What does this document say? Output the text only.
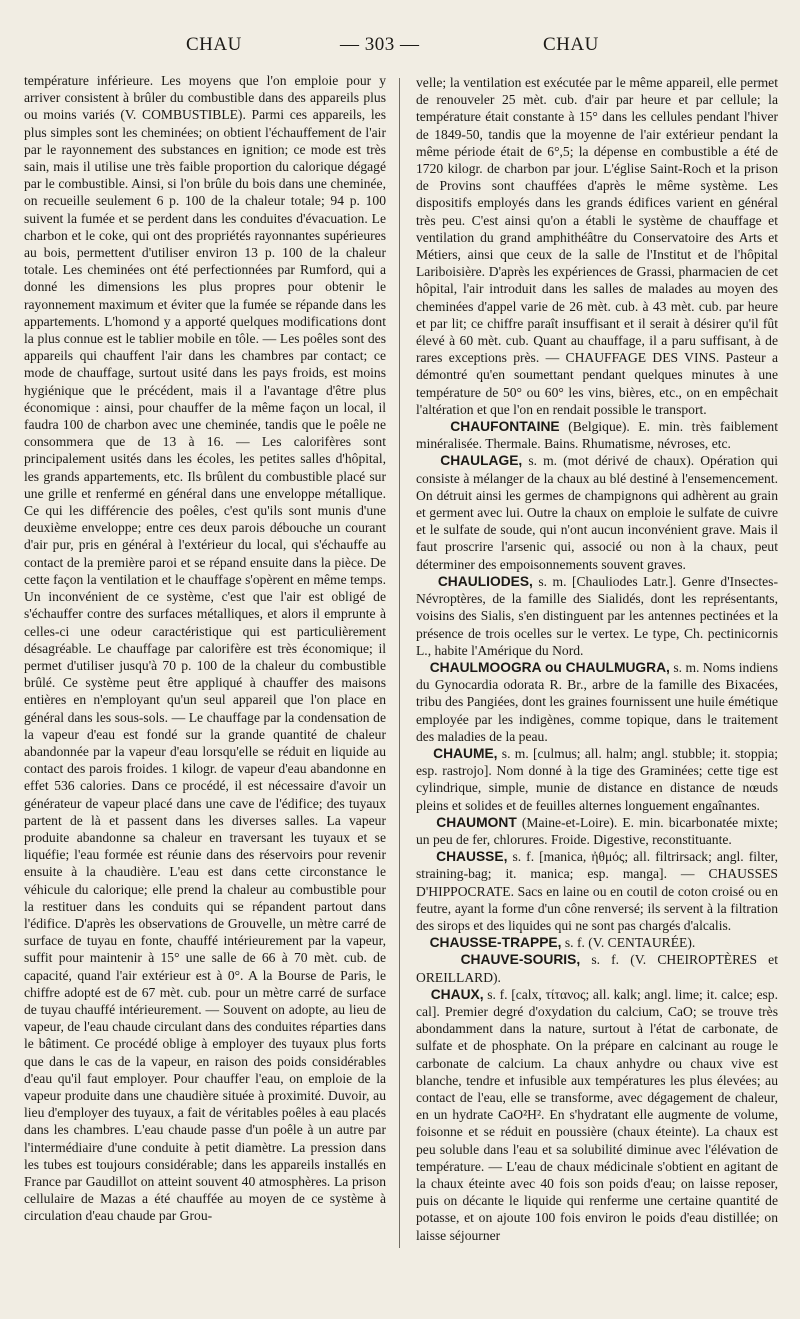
CHAU	— 303 —	CHAU

température inférieure. Les moyens que l'on emploie pour y arriver consistent à brûler du combustible dans des appareils plus ou moins variés (V. COMBUSTIBLE). Parmi ces appareils, les plus simples sont les cheminées; on obtient l'échauffement de l'air par le rayonnement des substances en ignition; ce mode est très sain, mais il utilise une très faible proportion du calorique dégagé par le combustible. Ainsi, si l'on brûle du bois dans une cheminée, on recueille seulement 6 p. 100 de la chaleur totale; 94 p. 100 suivent la fumée et se perdent dans les conduites d'évacuation. Le charbon et le coke, qui ont des propriétés rayonnantes supérieures au bois, permettent d'utiliser environ 13 p. 100 de la chaleur totale. Les cheminées ont été perfectionnées par Rumford, qui a donné les dimensions les plus propres pour obtenir le rayonnement maximum et éviter que la fumée se répande dans les appartements. L'homond y a apporté quelques modifications dont la plus connue est le tablier mobile en tôle. — Les poêles sont des appareils qui chauffent l'air dans les chambres par contact; ce mode de chauffage, surtout usité dans les pays froids, est moins hygiénique que le précédent, mais il a l'avantage d'être plus économique : ainsi, pour chauffer de la même façon un local, il faudra 100 de charbon avec une cheminée, tandis que le poêle ne consommera que de 13 à 16. — Les calorifères sont principalement usités dans les écoles, les petites salles d'hôpital, les grands appartements, etc. Ils brûlent du combustible placé sur une grille et renfermé en général dans une enveloppe métallique. Ce qui les différencie des poêles, c'est qu'ils sont munis d'une deuxième enveloppe; entre ces deux parois débouche un courant d'air pur, pris en général à l'extérieur du local, qui s'échauffe au contact de la première paroi et se répand ensuite dans la pièce. De cette façon la ventilation et le chauffage s'opèrent en même temps. Un inconvénient de ce système, c'est que l'air est obligé de s'échauffer contre des surfaces métalliques, et alors il emprunte à celles-ci une odeur caractéristique qui est particulièrement désagréable. Le chauffage par calorifère est très économique; il permet d'utiliser jusqu'à 70 p. 100 de la chaleur du combustible brûlé. Ce système peut être appliqué à chauffer des maisons entières en n'employant qu'un seul appareil que l'on place en général dans les sous-sols. — Le chauffage par la condensation de la vapeur d'eau est fondé sur la grande quantité de chaleur abandonnée par la vapeur d'eau lorsqu'elle se réduit en liquide au contact des parois froides. 1 kilogr. de vapeur d'eau abandonne en effet 536 calories. Dans ce procédé, il est nécessaire d'avoir un générateur de vapeur placé dans une cave de l'édifice; des tuyaux partent de là et passent dans les diverses salles. La vapeur produite abandonne sa chaleur en traversant les tuyaux et se liquéfie; l'eau formée est réunie dans des réservoirs pour revenir ensuite à la chaudière. L'eau est dans cette circonstance le véhicule du calorique; elle prend la chaleur au combustible pour la restituer dans les conduits qui se répandent partout dans l'édifice. D'après les observations de Grouvelle, un mètre carré de surface de tuyau en fonte, chauffé intérieurement par la vapeur, suffit pour maintenir à 15° une salle de 66 à 70 mèt. cub. de capacité, quand l'air extérieur est à 0°. A la Bourse de Paris, le chiffre adopté est de 67 mèt. cub. pour un mètre carré de surface de tuyau chauffé intérieurement. — Souvent on adopte, au lieu de vapeur, de l'eau chaude circulant dans des conduites réparties dans le bâtiment. Ce procédé oblige à employer des tuyaux plus forts que dans le cas de la vapeur, en raison des poids considérables d'eau qu'il faut employer. Pour chauffer l'eau, on emploie de la vapeur produite dans une chaudière située à proximité. Duvoir, au lieu d'employer des tuyaux, a fait de véritables poêles à eau placés dans les chambres. L'eau chaude passe d'un poêle à un autre par l'intermédiaire d'une conduite à petit diamètre. La pression dans les tubes est toujours considérable; dans les appareils installés en France par Gaudillot on atteint souvent 40 atmosphères. La prison cellulaire de Mazas a été chauffée au moyen de ce système à circulation d'eau chaude par Grou-

velle; la ventilation est exécutée par le même appareil, elle permet de renouveler 25 mèt. cub. d'air par heure et par cellule; la température était constante à 15° dans les cellules pendant l'hiver de 1849-50, tandis que la moyenne de l'air extérieur pendant la même période était de 6°,5; la dépense en combustible a été de 1720 kilogr. de charbon par jour. L'église Saint-Roch et la prison de Provins sont chauffées d'après le même système. Les dispositifs employés dans les grands édifices varient en général très peu. C'est ainsi qu'on a établi le système de chauffage et ventilation du grand amphithéâtre du Conservatoire des Arts et Métiers, ainsi que ceux de la salle de l'Institut et de l'hôpital Lariboisière. D'après les expériences de Grassi, pharmacien de cet hôpital, l'air introduit dans les salles de malades au moyen des cheminées d'appel varie de 26 mèt. cub. à 43 mèt. cub. par heure et par lit; ce chiffre paraît insuffisant et il serait à désirer qu'il fût élevé à 60 mèt. cub. Quant au chauffage, il a paru suffisant, à de rares exceptions près. — CHAUFFAGE DES VINS. Pasteur a démontré qu'en soumettant pendant quelques minutes à une température de 50° ou 60° les vins, bières, etc., on en empêchait l'altération et que l'on en rendait possible le transport.

CHAUFONTAINE (Belgique). E. min. très faiblement minéralisée. Thermale. Bains. Rhumatisme, névroses, etc.

CHAULAGE, s. m. (mot dérivé de chaux). Opération qui consiste à mélanger de la chaux au blé destiné à l'ensemencement. On détruit ainsi les germes de champignons qui adhèrent au grain et germent avec lui. Outre la chaux on emploie le sulfate de cuivre et le sulfate de soude, qui n'ont aucun inconvénient grave. Mais il faut proscrire l'arsenic qui, associé ou non à la chaux, peut déterminer des empoisonnements souvent graves.

CHAULIODES, s. m. [Chauliodes Latr.]. Genre d'Insectes-Névroptères, de la famille des Sialidés, dont les représentants, voisins des Sialis, s'en distinguent par les antennes pectinées et la présence de trois ocelles sur le vertex. Le type, Ch. pectinicornis L., habite l'Amérique du Nord.

CHAULMOOGRA ou CHAULMUGRA, s. m. Noms indiens du Gynocardia odorata R. Br., arbre de la famille des Bixacées, tribu des Pangiées, dont les graines fournissent une huile émétique employée par les indigènes, comme topique, dans le traitement des maladies de la peau.

CHAUME, s. m. [culmus; all. halm; angl. stubble; it. stoppia; esp. rastrojo]. Nom donné à la tige des Graminées; cette tige est cylindrique, simple, munie de distance en distance de nœuds pleins et solides et de feuilles alternes longuement engaînantes.

CHAUMONT (Maine-et-Loire). E. min. bicarbonatée mixte; un peu de fer, chlorures. Froide. Digestive, reconstituante.

CHAUSSE, s. f. [manica, ἠθμός; all. filtrirsack; angl. filter, straining-bag; it. manica; esp. manga]. — CHAUSSES D'HIPPOCRATE. Sacs en laine ou en coutil de coton croisé ou en feutre, ayant la forme d'un cône renversé; ils servent à la filtration des sirops et des liquides qui ne sont pas chargés d'alcalis.

CHAUSSE-TRAPPE, s. f. (V. CENTAURÉE).

CHAUVE-SOURIS, s. f. (V. CHEIROPTÈRES et OREILLARD).

CHAUX, s. f. [calx, τίτανος; all. kalk; angl. lime; it. calce; esp. cal]. Premier degré d'oxydation du calcium, CaO; se trouve très abondamment dans la nature, surtout à l'état de carbonate, de sulfate et de phosphate. On la prépare en calcinant au rouge le carbonate de calcium. La chaux anhydre ou chaux vive est blanche, tendre et infusible aux températures les plus élevées; au contact de l'eau, elle se transforme, avec dégagement de chaleur, en un hydrate CaO²H². En s'hydratant elle augmente de volume, foisonne et se réduit en poussière (chaux éteinte). La chaux est peu soluble dans l'eau et sa solubilité diminue avec l'élévation de température. — L'eau de chaux médicinale s'obtient en agitant de la chaux éteinte avec 40 fois son poids d'eau; on laisse reposer, puis on décante le liquide qui renferme une certaine quantité de potasse, et on ajoute 100 fois environ le poids d'eau distillée; on laisse séjourner
